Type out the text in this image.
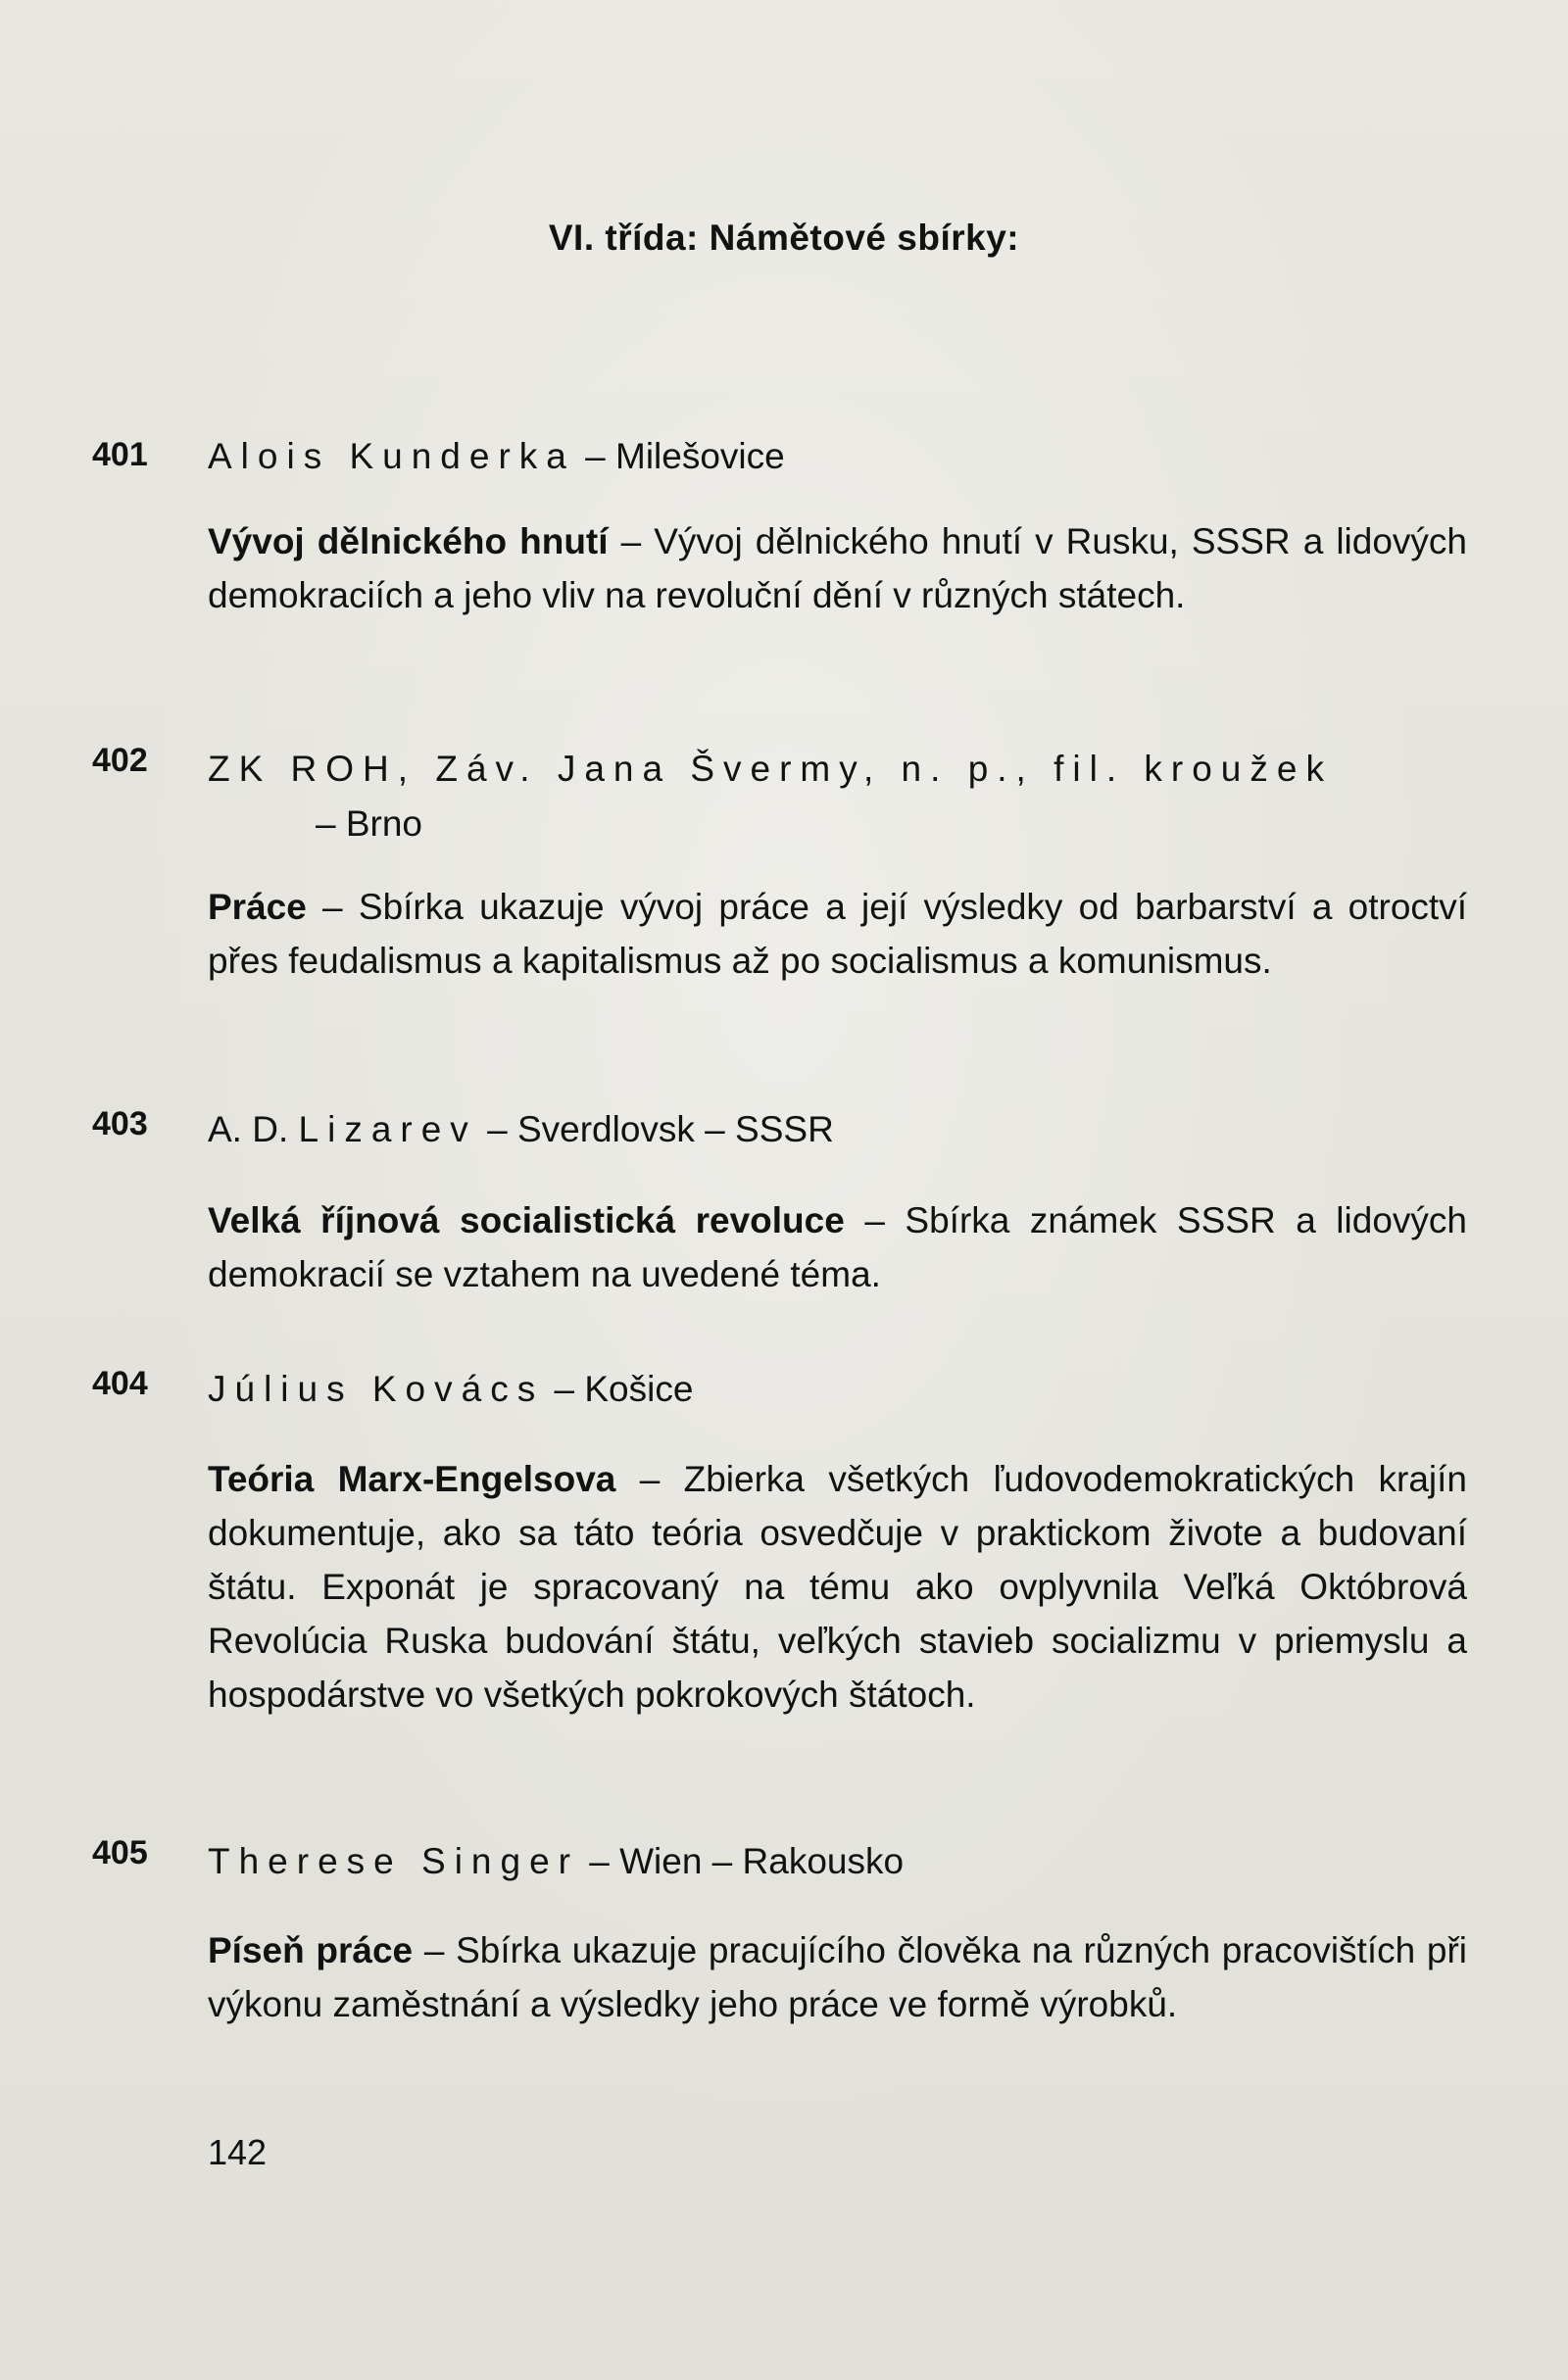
VI. třída: Námětové sbírky:
401 Alois Kunderka – Milešovice
Vývoj dělnického hnutí – Vývoj dělnického hnutí v Rusku, SSSR a lidových demokraciích a jeho vliv na revoluční dění v různých státech.
402 ZK ROH, Záv. Jana Švermy, n. p., fil. kroužek– Brno
Práce – Sbírka ukazuje vývoj práce a její výsledky od barbarství a otroctví přes feudalismus a kapitalismus až po socialismus a komunismus.
403 A. D. Lizarev – Sverdlovsk – SSSR
Velká říjnová socialistická revoluce – Sbírka známek SSSR a lidových demokracií se vztahem na uvedené téma.
404 Július Kovács – Košice
Teória Marx-Engelsova – Zbierka všetkých ľudovodemokratických krajín dokumentuje, ako sa táto teória osvedčuje v praktickom živote a budovaní štátu. Exponát je spracovaný na tému ako ovplyvnila Veľká Októbrová Revolúcia Ruska budování štátu, veľkých stavieb socializmu v priemyslu a hospodárstve vo všetkých pokrokových štátoch.
405 Therese Singer – Wien – Rakousko
Píseň práce – Sbírka ukazuje pracujícího člověka na různých pracovištích při výkonu zaměstnání a výsledky jeho práce ve formě výrobků.
142
